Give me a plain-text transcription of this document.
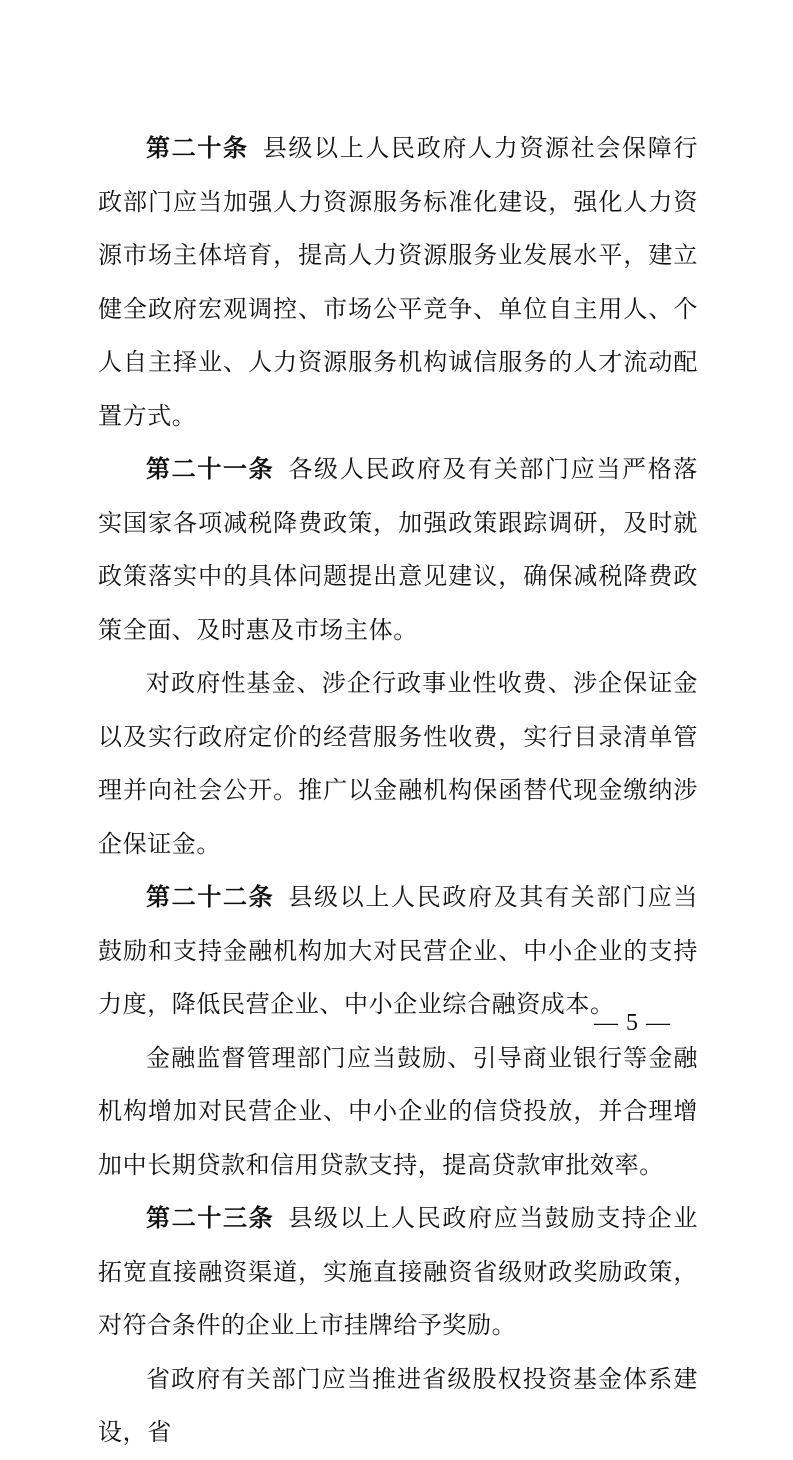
第二十条 县级以上人民政府人力资源社会保障行政部门应当加强人力资源服务标准化建设，强化人力资源市场主体培育，提高人力资源服务业发展水平，建立健全政府宏观调控、市场公平竞争、单位自主用人、个人自主择业、人力资源服务机构诚信服务的人才流动配置方式。

第二十一条 各级人民政府及有关部门应当严格落实国家各项减税降费政策，加强政策跟踪调研，及时就政策落实中的具体问题提出意见建议，确保减税降费政策全面、及时惠及市场主体。

对政府性基金、涉企行政事业性收费、涉企保证金以及实行政府定价的经营服务性收费，实行目录清单管理并向社会公开。推广以金融机构保函替代现金缴纳涉企保证金。

第二十二条 县级以上人民政府及其有关部门应当鼓励和支持金融机构加大对民营企业、中小企业的支持力度，降低民营企业、中小企业综合融资成本。

金融监督管理部门应当鼓励、引导商业银行等金融机构增加对民营企业、中小企业的信贷投放，并合理增加中长期贷款和信用贷款支持，提高贷款审批效率。

第二十三条 县级以上人民政府应当鼓励支持企业拓宽直接融资渠道，实施直接融资省级财政奖励政策，对符合条件的企业上市挂牌给予奖励。

省政府有关部门应当推进省级股权投资基金体系建设，省

— 5 —
